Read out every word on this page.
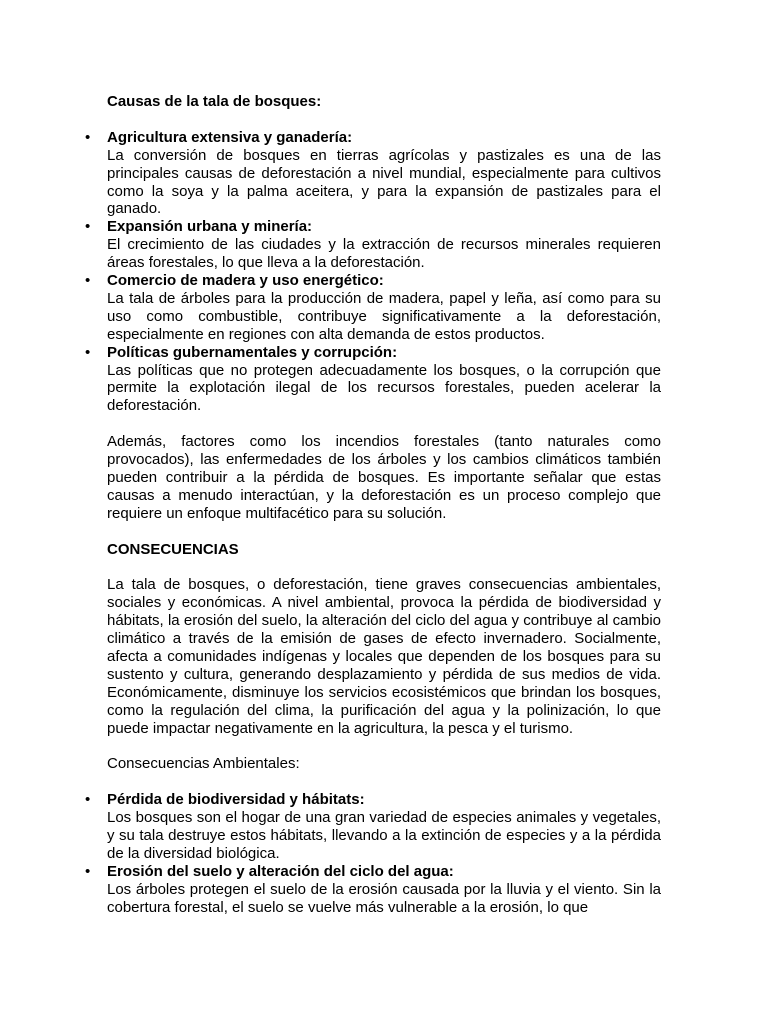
Causas de la tala de bosques:

• Agricultura extensiva y ganadería:
La conversión de bosques en tierras agrícolas y pastizales es una de las principales causas de deforestación a nivel mundial, especialmente para cultivos como la soya y la palma aceitera, y para la expansión de pastizales para el ganado.
• Expansión urbana y minería:
El crecimiento de las ciudades y la extracción de recursos minerales requieren áreas forestales, lo que lleva a la deforestación.
• Comercio de madera y uso energético:
La tala de árboles para la producción de madera, papel y leña, así como para su uso como combustible, contribuye significativamente a la deforestación, especialmente en regiones con alta demanda de estos productos.
• Políticas gubernamentales y corrupción:
Las políticas que no protegen adecuadamente los bosques, o la corrupción que permite la explotación ilegal de los recursos forestales, pueden acelerar la deforestación.

Además, factores como los incendios forestales (tanto naturales como provocados), las enfermedades de los árboles y los cambios climáticos también pueden contribuir a la pérdida de bosques. Es importante señalar que estas causas a menudo interactúan, y la deforestación es un proceso complejo que requiere un enfoque multifacético para su solución.

CONSECUENCIAS

La tala de bosques, o deforestación, tiene graves consecuencias ambientales, sociales y económicas. A nivel ambiental, provoca la pérdida de biodiversidad y hábitats, la erosión del suelo, la alteración del ciclo del agua y contribuye al cambio climático a través de la emisión de gases de efecto invernadero. Socialmente, afecta a comunidades indígenas y locales que dependen de los bosques para su sustento y cultura, generando desplazamiento y pérdida de sus medios de vida. Económicamente, disminuye los servicios ecosistémicos que brindan los bosques, como la regulación del clima, la purificación del agua y la polinización, lo que puede impactar negativamente en la agricultura, la pesca y el turismo.

Consecuencias Ambientales:

• Pérdida de biodiversidad y hábitats:
Los bosques son el hogar de una gran variedad de especies animales y vegetales, y su tala destruye estos hábitats, llevando a la extinción de especies y a la pérdida de la diversidad biológica.
• Erosión del suelo y alteración del ciclo del agua:
Los árboles protegen el suelo de la erosión causada por la lluvia y el viento. Sin la cobertura forestal, el suelo se vuelve más vulnerable a la erosión, lo que
